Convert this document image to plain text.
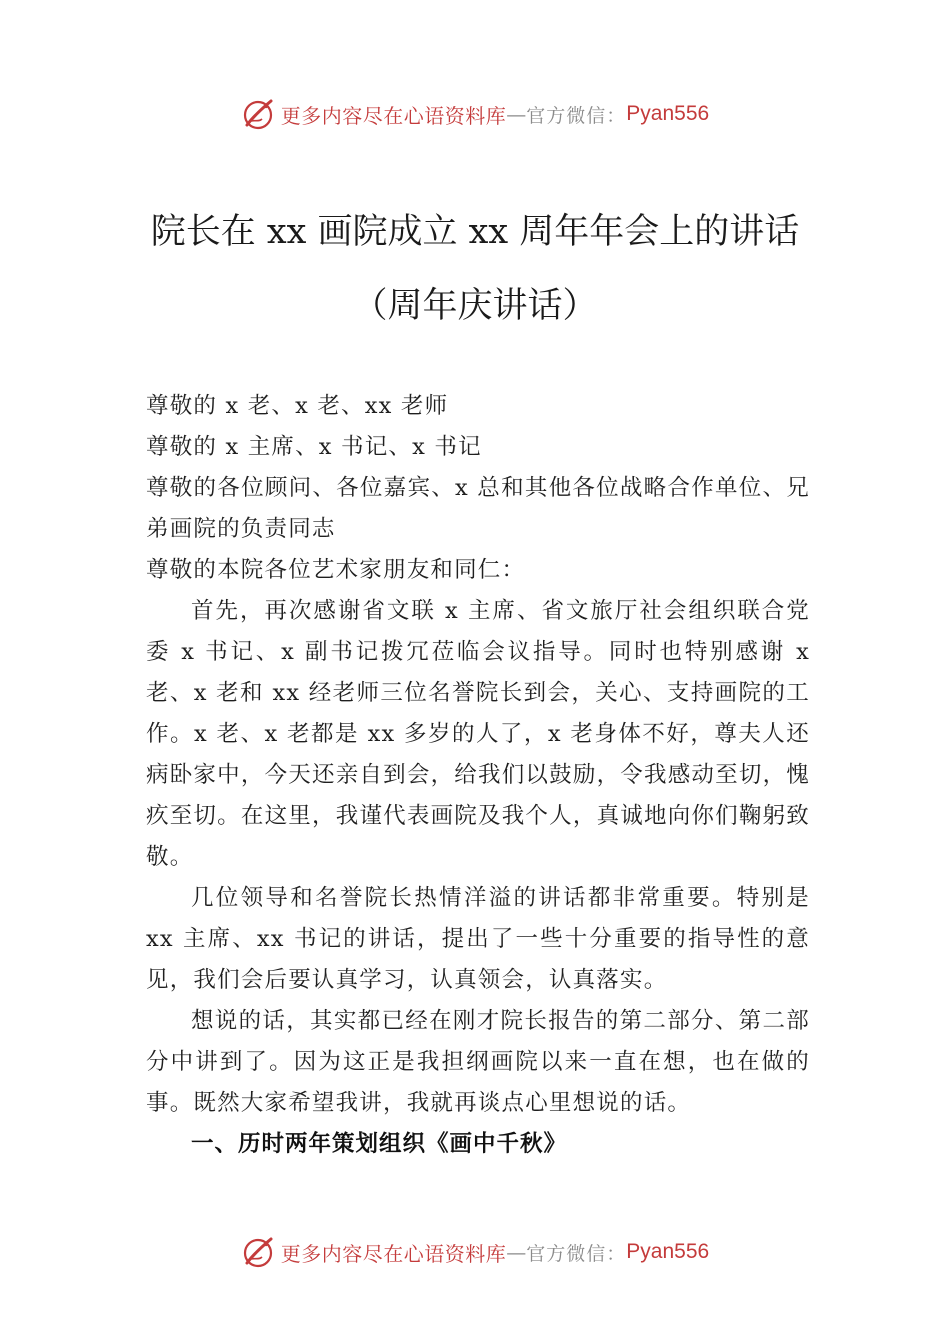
更多内容尽在心语资料库 — 官方微信： Pyan556
院长在 xx 画院成立 xx 周年年会上的讲话
（周年庆讲话）

尊敬的 x 老、x 老、xx 老师

尊敬的 x 主席、x 书记、x 书记

尊敬的各位顾问、各位嘉宾、x 总和其他各位战略合作单位、兄弟画院的负责同志

尊敬的本院各位艺术家朋友和同仁：

首先，再次感谢省文联 x 主席、省文旅厅社会组织联合党委 x 书记、x 副书记拨冗莅临会议指导。同时也特别感谢 x 老、x 老和 xx 经老师三位名誉院长到会，关心、支持画院的工作。x 老、x 老都是 xx 多岁的人了，x 老身体不好，尊夫人还病卧家中，今天还亲自到会，给我们以鼓励，令我感动至切，愧疚至切。在这里，我谨代表画院及我个人，真诚地向你们鞠躬致敬。

几位领导和名誉院长热情洋溢的讲话都非常重要。特别是 xx 主席、xx 书记的讲话，提出了一些十分重要的指导性的意见，我们会后要认真学习，认真领会，认真落实。

想说的话，其实都已经在刚才院长报告的第二部分、第二部分中讲到了。因为这正是我担纲画院以来一直在想，也在做的事。既然大家希望我讲，我就再谈点心里想说的话。

一、历时两年策划组织《画中千秋》

更多内容尽在心语资料库 — 官方微信： Pyan556
